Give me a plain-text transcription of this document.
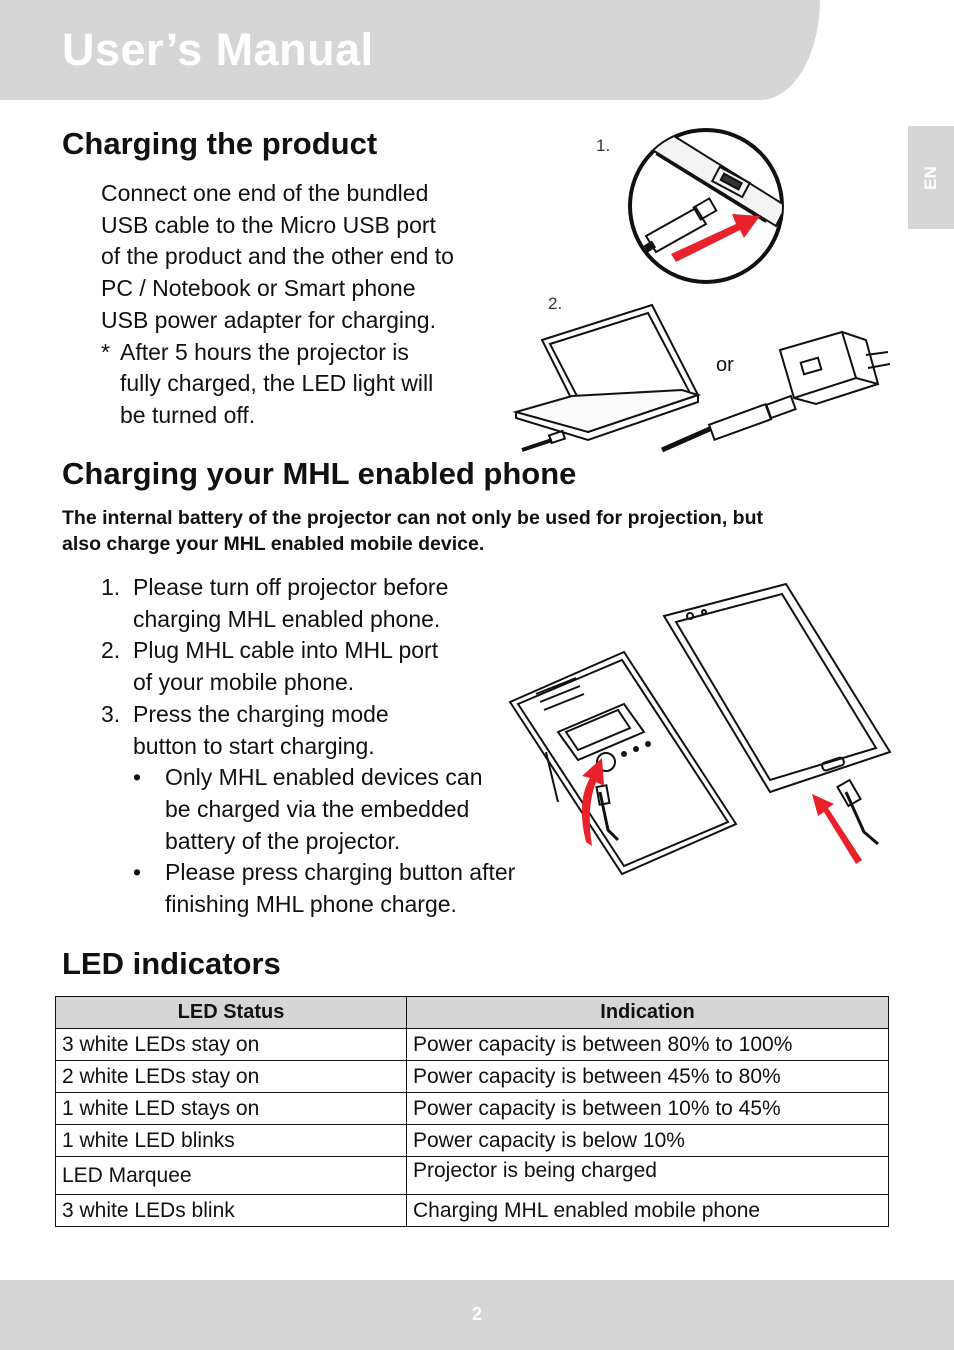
User’s Manual
EN
Charging the product
Connect one end of the bundled
USB cable to the Micro USB port
of the product and the other end to
PC / Notebook or Smart phone
USB power adapter for charging.
* After 5 hours the projector is
fully charged, the LED light will
be turned off.
1.
2.
or
Charging your MHL enabled phone

The internal battery of the projector can not only be used for projection, but
also charge your MHL enabled mobile device.

1. Please turn off projector before
charging MHL enabled phone.
2. Plug MHL cable into MHL port
of your mobile phone.
3. Press the charging mode
button to start charging.
•	Only MHL enabled devices can
be charged via the embedded
battery of the projector.
•	Please press charging button after
finishing MHL phone charge.
LED indicators
LED Status	Indication
3 white LEDs stay on	Power capacity is between 80% to 100%
2 white LEDs stay on	Power capacity is between 45% to 80%
1 white LED stays on	Power capacity is between 10% to 45%
1 white LED blinks	Power capacity is below 10%
LED Marquee	Projector is being charged
3 white LEDs blink	Charging MHL enabled mobile phone
2
